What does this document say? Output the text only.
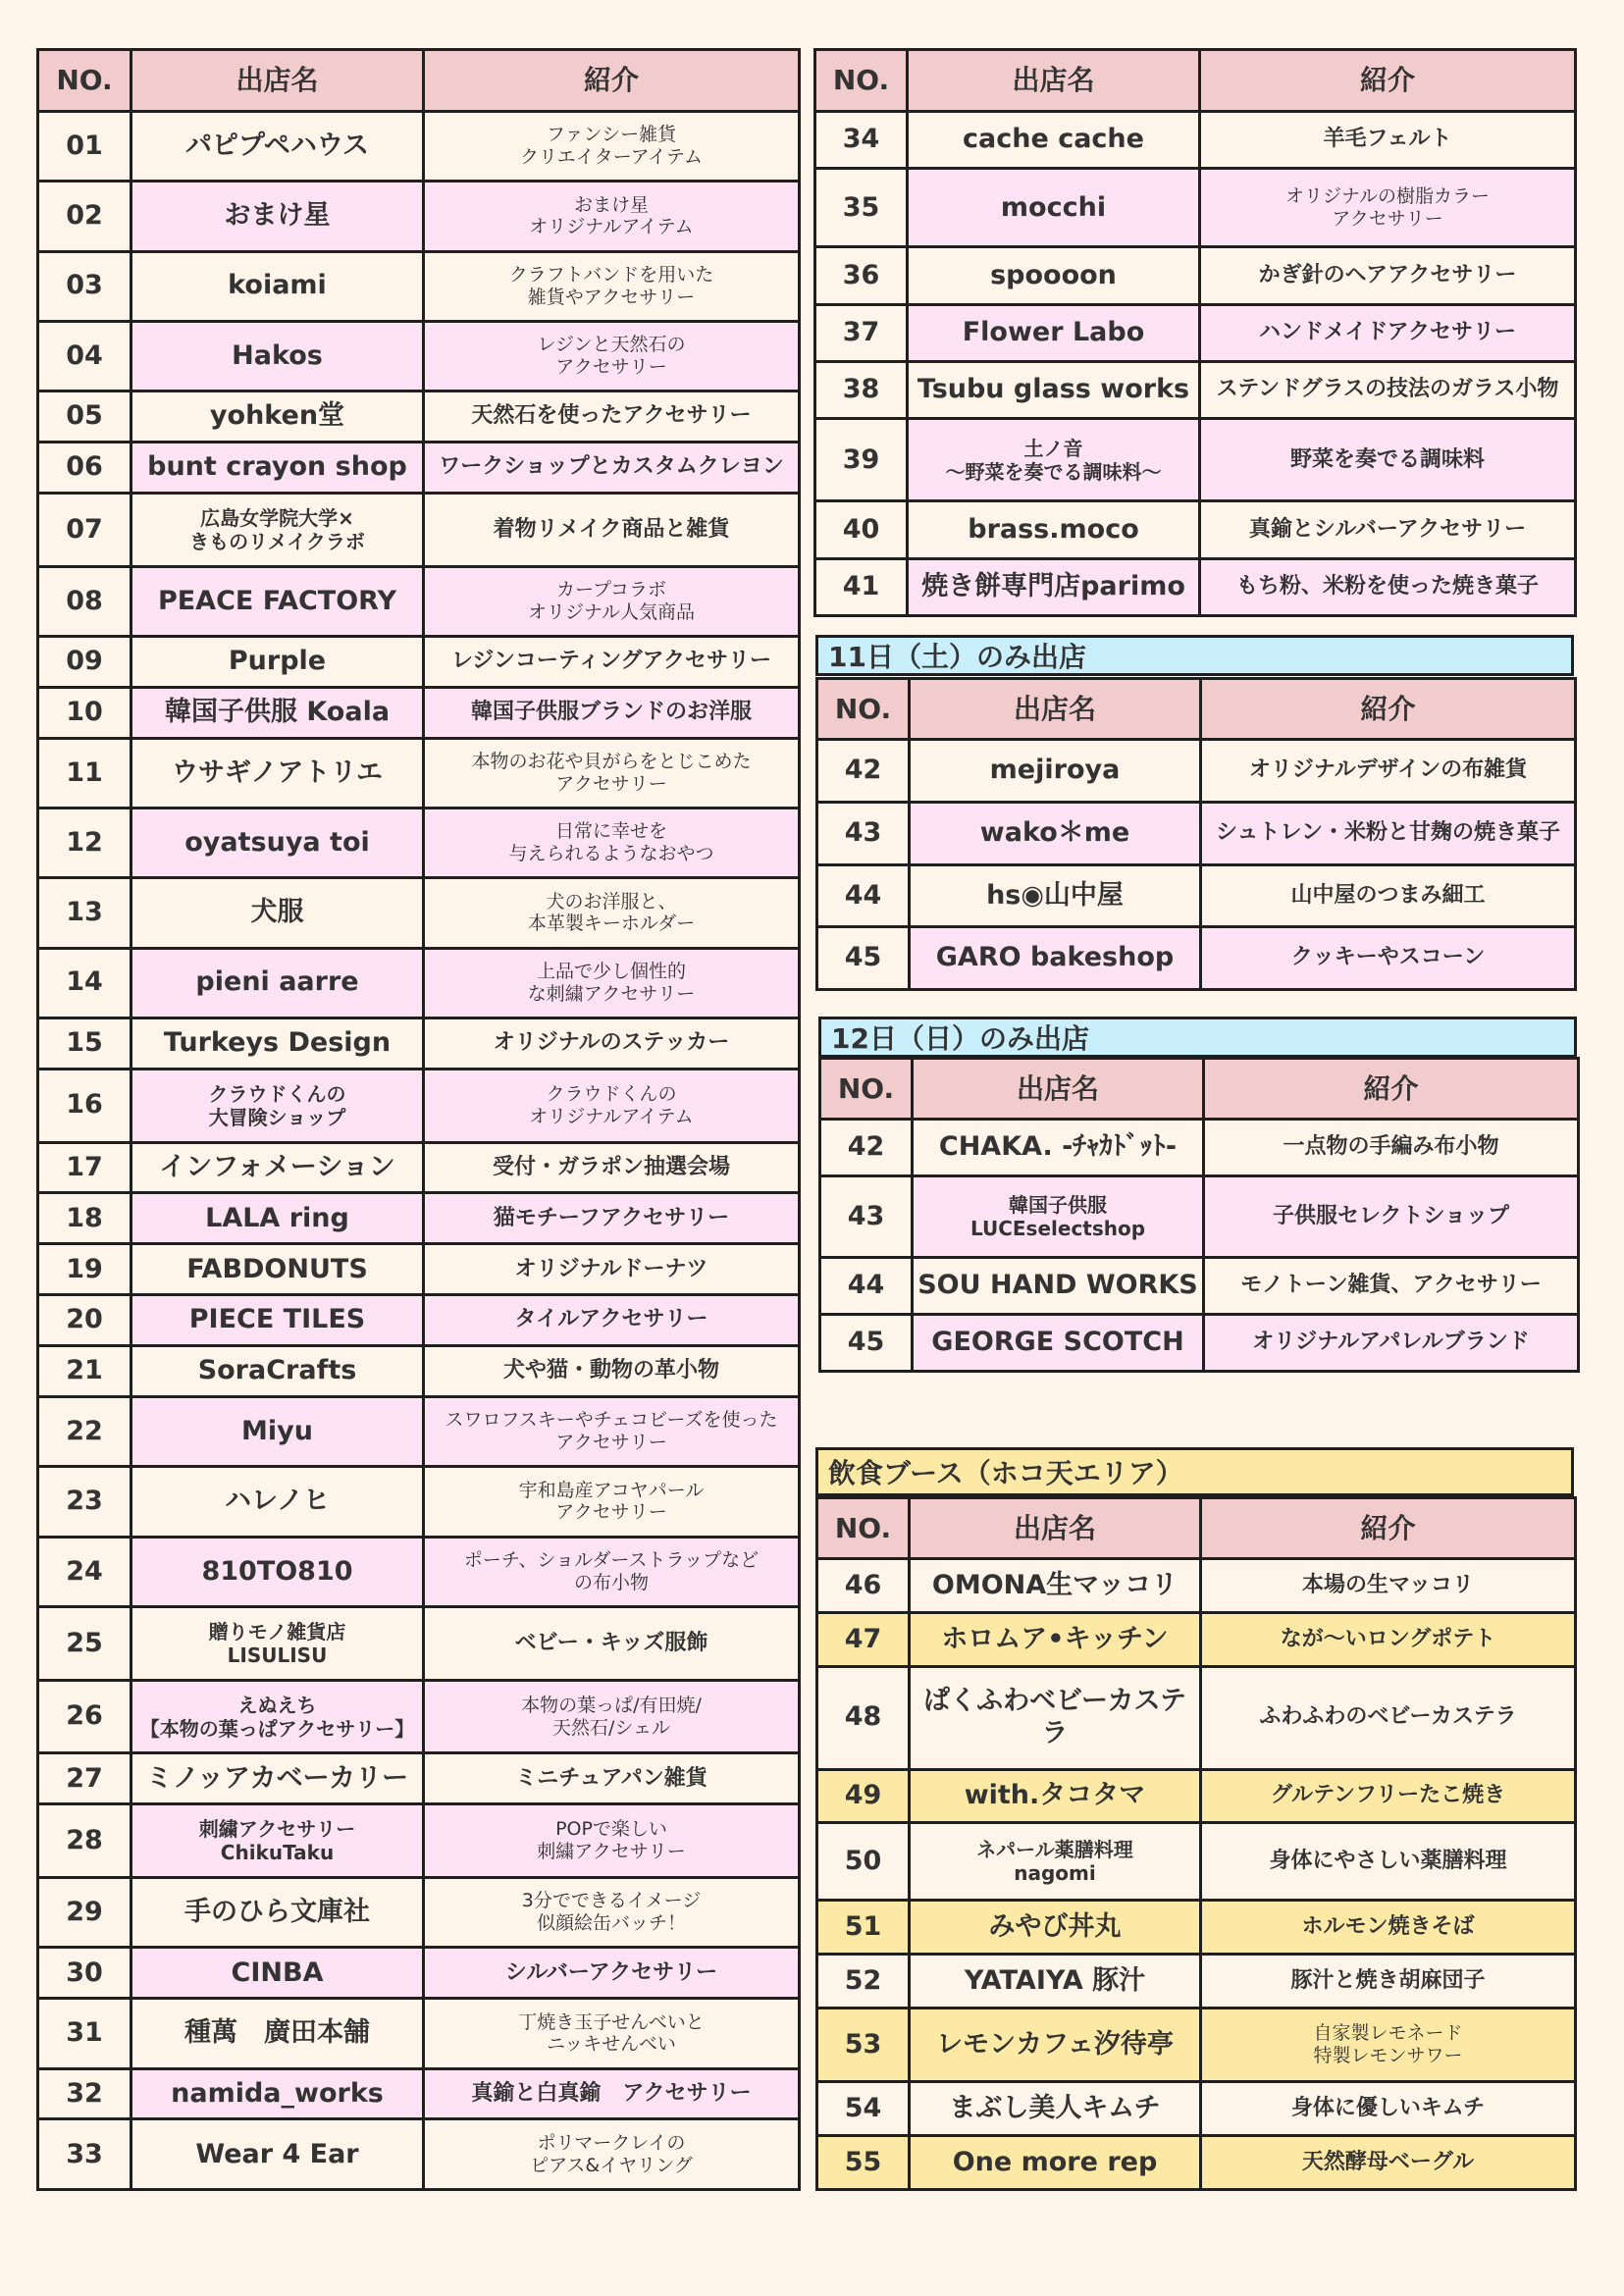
NO.	出店名	紹介
01	パピプペハウス	ファンシー雑貨
クリエイターアイテム
02	おまけ星	おまけ星
オリジナルアイテム
03	koiami	クラフトバンドを用いた
雑貨やアクセサリー
04	Hakos	レジンと天然石の
アクセサリー
05	yohken堂	天然石を使ったアクセサリー
06	bunt crayon shop	ワークショップとカスタムクレヨン
07	広島女学院大学×
きものリメイクラボ	着物リメイク商品と雑貨
08	PEACE FACTORY	カープコラボ
オリジナル人気商品
09	Purple	レジンコーティングアクセサリー
10	韓国子供服 Koala	韓国子供服ブランドのお洋服
11	ウサギノアトリエ	本物のお花や貝がらをとじこめた
アクセサリー
12	oyatsuya toi	日常に幸せを
与えられるようなおやつ
13	犬服	犬のお洋服と、
本革製キーホルダー
14	pieni aarre	上品で少し個性的
な刺繍アクセサリー
15	Turkeys Design	オリジナルのステッカー
16	クラウドくんの
大冒険ショップ	クラウドくんの
オリジナルアイテム
17	インフォメーション	受付・ガラポン抽選会場
18	LALA ring	猫モチーフアクセサリー
19	FABDONUTS	オリジナルドーナツ
20	PIECE TILES	タイルアクセサリー
21	SoraCrafts	犬や猫・動物の革小物
22	Miyu	スワロフスキーやチェコビーズを使った
アクセサリー
23	ハレノヒ	宇和島産アコヤパール
アクセサリー
24	810TO810	ポーチ、ショルダーストラップなど
の布小物
25	贈りモノ雑貨店
LISULISU	ベビー・キッズ服飾
26	えぬえち
【本物の葉っぱアクセサリー】	本物の葉っぱ/有田焼/
天然石/シェル
27	ミノッアカベーカリー	ミニチュアパン雑貨
28	刺繍アクセサリー
ChikuTaku	POPで楽しい
刺繍アクセサリー
29	手のひら文庫社	3分でできるイメージ
似顔絵缶バッチ！
30	CINBA	シルバーアクセサリー
31	種萬　廣田本舗	丁焼き玉子せんべいと
ニッキせんべい
32	namida_works	真鍮と白真鍮　アクセサリー
33	Wear 4 Ear	ポリマークレイの
ピアス&イヤリング
NO.	出店名	紹介
34	cache cache	羊毛フェルト
35	mocchi	オリジナルの樹脂カラー
アクセサリー
36	spoooon	かぎ針のヘアアクセサリー
37	Flower Labo	ハンドメイドアクセサリー
38	Tsubu glass works	ステンドグラスの技法のガラス小物
39	土ノ音
～野菜を奏でる調味料～	野菜を奏でる調味料
40	brass.moco	真鍮とシルバーアクセサリー
41	焼き餅専門店parimo	もち粉、米粉を使った焼き菓子
11日（土）のみ出店
NO.	出店名	紹介
42	mejiroya	オリジナルデザインの布雑貨
43	wako＊me	シュトレン・米粉と甘麹の焼き菓子
44	hs◉山中屋	山中屋のつまみ細工
45	GARO bakeshop	クッキーやスコーン
12日（日）のみ出店
NO.	出店名	紹介
42	CHAKA. -ﾁｬｶﾄﾞｯﾄ-	一点物の手編み布小物
43	韓国子供服
LUCEselectshop	子供服セレクトショップ
44	SOU HAND WORKS	モノトーン雑貨、アクセサリー
45	GEORGE SCOTCH	オリジナルアパレルブランド
飲食ブース（ホコ天エリア）
NO.	出店名	紹介
46	OMONA生マッコリ	本場の生マッコリ
47	ホロムア•キッチン	なが～いロングポテト
48	ぱくふわベビーカステラ	ふわふわのベビーカステラ
49	with.タコタマ	グルテンフリーたこ焼き
50	ネパール薬膳料理
nagomi	身体にやさしい薬膳料理
51	みやび丼丸	ホルモン焼きそば
52	YATAIYA 豚汁	豚汁と焼き胡麻団子
53	レモンカフェ汐待亭	自家製レモネード
特製レモンサワー
54	まぶし美人キムチ	身体に優しいキムチ
55	One more rep	天然酵母ベーグル
